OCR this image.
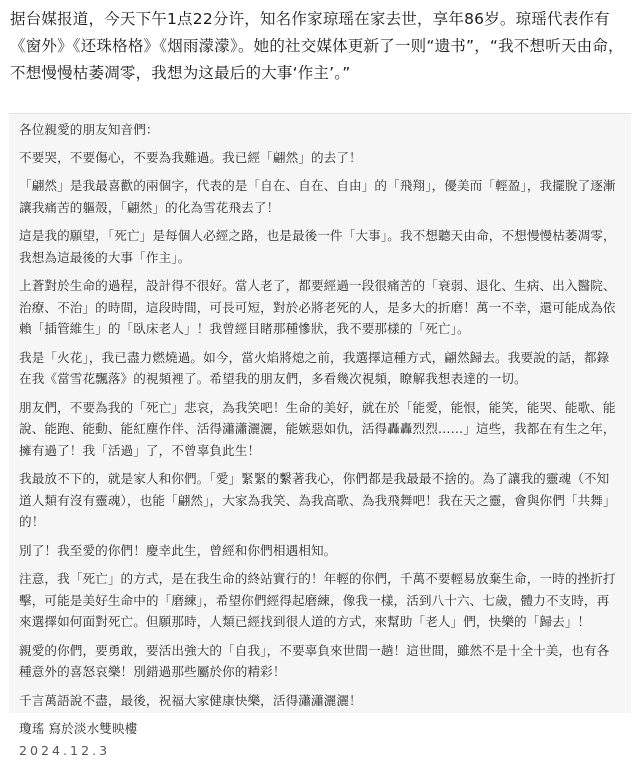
据台媒报道，今天下午1点22分许，知名作家琼瑶在家去世，享年86岁。琼瑶代表作有《窗外》《还珠格格》《烟雨濛濛》。她的社交媒体更新了一则“遗书”，“我不想听天由命，不想慢慢枯萎凋零，我想为这最后的大事‘作主’。”

各位親愛的朋友知音們：

不要哭，不要傷心，不要為我難過。我已經「翩然」的去了！

「翩然」是我最喜歡的兩個字，代表的是「自在、自在、自由」的「飛翔」，優美而「輕盈」，我擺脫了逐漸讓我痛苦的軀殼，「翩然」的化為雪花飛去了！

這是我的願望，「死亡」是每個人必經之路，也是最後一件「大事」。我不想聽天由命，不想慢慢枯萎凋零，我想為這最後的大事「作主」。

上蒼對於生命的過程，設計得不很好。當人老了，都要經過一段很痛苦的「衰弱、退化、生病、出入醫院、治療、不治」的時間，這段時間，可長可短，對於必將老死的人，是多大的折磨！萬一不幸，還可能成為依賴「插管維生」的「臥床老人」！我曾經目睹那種慘狀，我不要那樣的「死亡」。

我是「火花」，我已盡力燃燒過。如今，當火焰將熄之前，我選擇這種方式，翩然歸去。我要說的話，都錄在我《當雪花飄落》的視頻裡了。希望我的朋友們，多看幾次視頻，瞭解我想表達的一切。

朋友們，不要為我的「死亡」悲哀，為我笑吧！生命的美好，就在於「能愛，能恨，能笑，能哭、能歌、能說、能跑、能動、能紅塵作伴、活得瀟瀟灑灑，能嫉惡如仇，活得轟轟烈烈……」這些，我都在有生之年，擁有過了！我「活過」了，不曾辜負此生！

我最放不下的，就是家人和你們。「愛」緊緊的繫著我心，你們都是我最最不捨的。為了讓我的靈魂（不知道人類有沒有靈魂），也能「翩然」，大家為我笑、為我高歌、為我飛舞吧！我在天之靈，會與你們「共舞」的！

別了！我至愛的你們！慶幸此生，曾經和你們相遇相知。

注意，我「死亡」的方式，是在我生命的終站實行的！年輕的你們，千萬不要輕易放棄生命，一時的挫折打擊，可能是美好生命中的「磨練」，希望你們經得起磨練，像我一樣，活到八十六、七歲，體力不支時，再來選擇如何面對死亡。但願那時，人類已經找到很人道的方式，來幫助「老人」們，快樂的「歸去」！

親愛的你們，要勇敢，要活出強大的「自我」，不要辜負來世間一趟！這世間，雖然不是十全十美，也有各種意外的喜怒哀樂！別錯過那些屬於你的精彩！

千言萬語說不盡，最後，祝福大家健康快樂，活得瀟瀟灑灑！

瓊瑤 寫於淡水雙映樓

2024.12.3
